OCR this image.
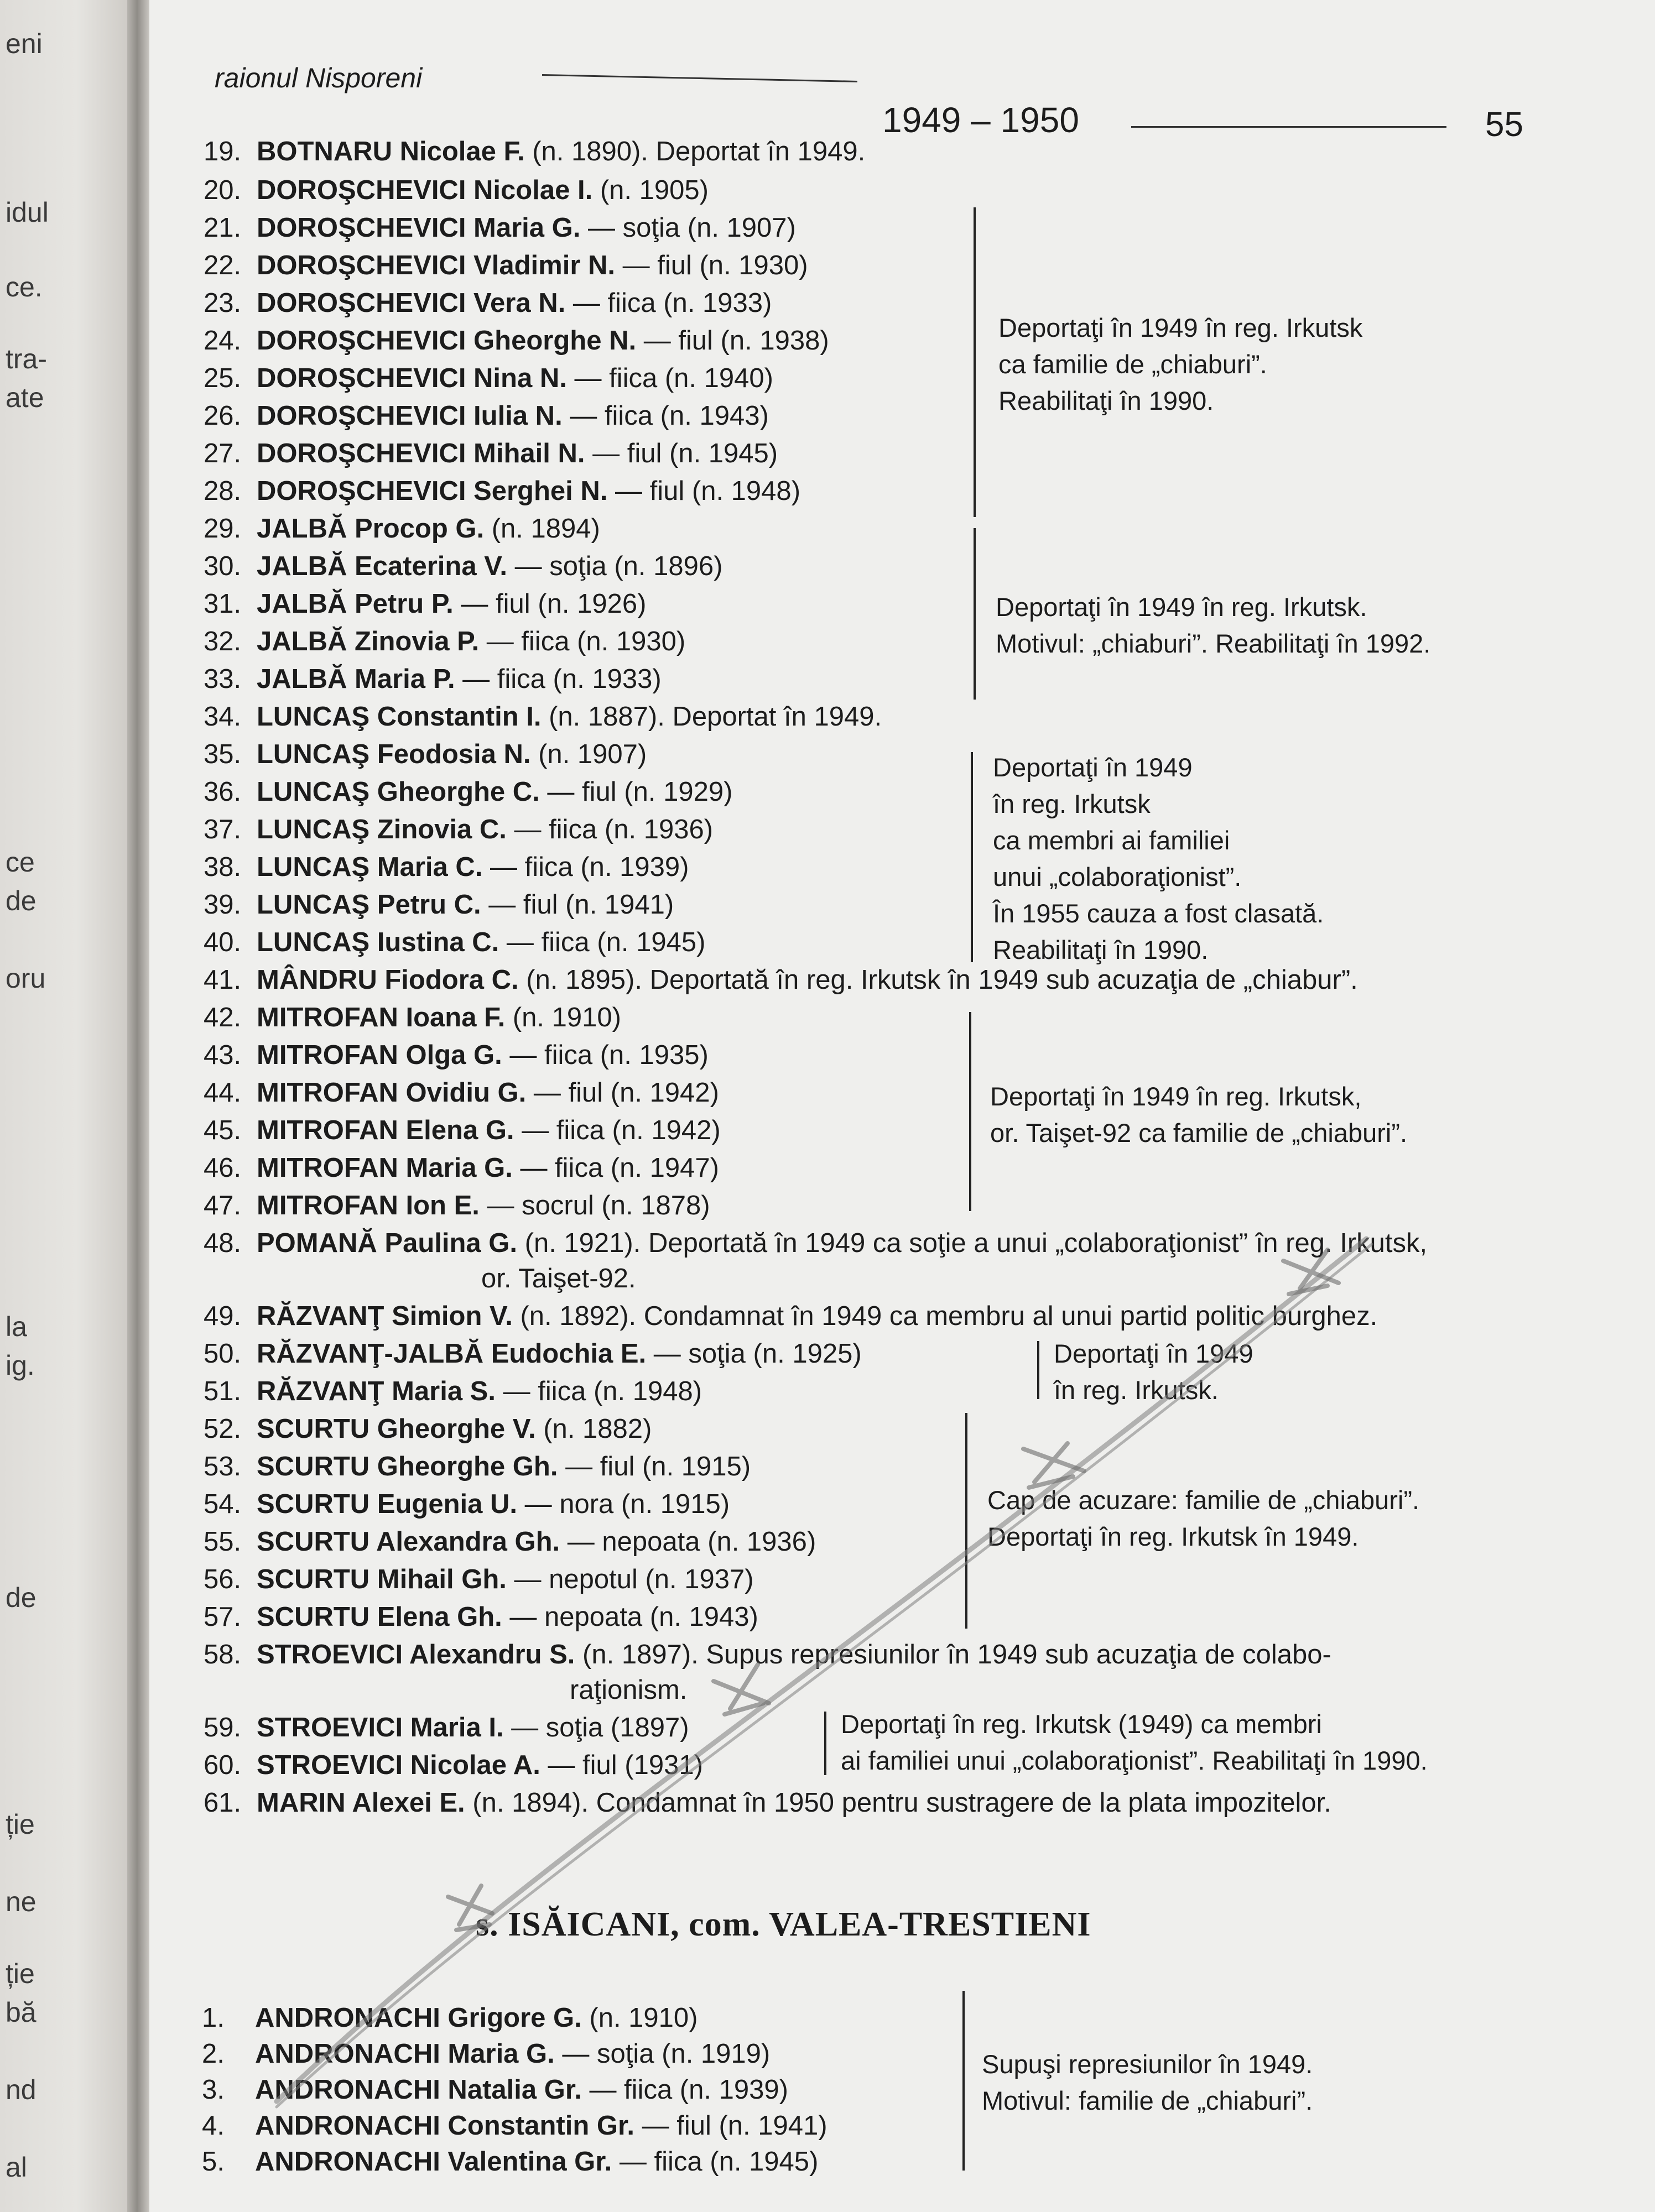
eni
idul
ce.
tra-
ate
ce
de
oru
la
ig.
de
ție
ne
ție
bă
nd
al
raionul Nisporeni
1949 – 1950	55
19. BOTNARU Nicolae F. (n. 1890). Deportat în 1949.
20. DOROŞCHEVICI Nicolae I. (n. 1905)
21. DOROŞCHEVICI Maria G. — soţia (n. 1907)
22. DOROŞCHEVICI Vladimir N. — fiul (n. 1930)
23. DOROŞCHEVICI Vera N. — fiica (n. 1933)
24. DOROŞCHEVICI Gheorghe N. — fiul (n. 1938)
25. DOROŞCHEVICI Nina N. — fiica (n. 1940)
26. DOROŞCHEVICI Iulia N. — fiica (n. 1943)
27. DOROŞCHEVICI Mihail N. — fiul (n. 1945)
28. DOROŞCHEVICI Serghei N. — fiul (n. 1948)
29. JALBĂ Procop G. (n. 1894)
30. JALBĂ Ecaterina V. — soţia (n. 1896)
31. JALBĂ Petru P. — fiul (n. 1926)
32. JALBĂ Zinovia P. — fiica (n. 1930)
33. JALBĂ Maria P. — fiica (n. 1933)
34. LUNCAŞ Constantin I. (n. 1887). Deportat în 1949.
35. LUNCAŞ Feodosia N. (n. 1907)
36. LUNCAŞ Gheorghe C. — fiul (n. 1929)
37. LUNCAŞ Zinovia C. — fiica (n. 1936)
38. LUNCAŞ Maria C. — fiica (n. 1939)
39. LUNCAŞ Petru C. — fiul (n. 1941)
40. LUNCAŞ Iustina C. — fiica (n. 1945)
41. MÂNDRU Fiodora C. (n. 1895). Deportată în reg. Irkutsk în 1949 sub acuzaţia de „chiabur”.
42. MITROFAN Ioana F. (n. 1910)
43. MITROFAN Olga G. — fiica (n. 1935)
44. MITROFAN Ovidiu G. — fiul (n. 1942)
45. MITROFAN Elena G. — fiica (n. 1942)
46. MITROFAN Maria G. — fiica (n. 1947)
47. MITROFAN Ion E. — socrul (n. 1878)
48. POMANĂ Paulina G. (n. 1921). Deportată în 1949 ca soţie a unui „colaboraţionist” în reg. Irkutsk,
or. Taişet-92.
49. RĂZVANŢ Simion V. (n. 1892). Condamnat în 1949 ca membru al unui partid politic burghez.
50. RĂZVANŢ-JALBĂ Eudochia E. — soţia (n. 1925)
51. RĂZVANŢ Maria S. — fiica (n. 1948)
52. SCURTU Gheorghe V. (n. 1882)
53. SCURTU Gheorghe Gh. — fiul (n. 1915)
54. SCURTU Eugenia U. — nora (n. 1915)
55. SCURTU Alexandra Gh. — nepoata (n. 1936)
56. SCURTU Mihail Gh. — nepotul (n. 1937)
57. SCURTU Elena Gh. — nepoata (n. 1943)
58. STROEVICI Alexandru S. (n. 1897). Supus represiunilor în 1949 sub acuzaţia de colabo-
raţionism.
59. STROEVICI Maria I. — soţia (1897)
60. STROEVICI Nicolae A. — fiul (1931)
61. MARIN Alexei E. (n. 1894). Condamnat în 1950 pentru sustragere de la plata impozitelor.
Deportaţi în 1949 în reg. Irkutsk
ca familie de „chiaburi”.
Reabilitaţi în 1990.
Deportaţi în 1949 în reg. Irkutsk.
Motivul: „chiaburi”. Reabilitaţi în 1992.
Deportaţi în 1949
în reg. Irkutsk
ca membri ai familiei
unui „colaboraţionist”.
În 1955 cauza a fost clasată.
Reabilitaţi în 1990.
Deportaţi în 1949 în reg. Irkutsk,
or. Taişet-92 ca familie de „chiaburi”.
Deportaţi în 1949
în reg. Irkutsk.
Cap de acuzare: familie de „chiaburi”.
Deportaţi în reg. Irkutsk în 1949.
Deportaţi în reg. Irkutsk (1949) ca membri
ai familiei unui „colaboraţionist”. Reabilitaţi în 1990.
Supuşi represiunilor în 1949.
Motivul: familie de „chiaburi”.
s. ISĂICANI, com. VALEA-TRESTIENI
1. ANDRONACHI Grigore G. (n. 1910)
2. ANDRONACHI Maria G. — soţia (n. 1919)
3. ANDRONACHI Natalia Gr. — fiica (n. 1939)
4. ANDRONACHI Constantin Gr. — fiul (n. 1941)
5. ANDRONACHI Valentina Gr. — fiica (n. 1945)
